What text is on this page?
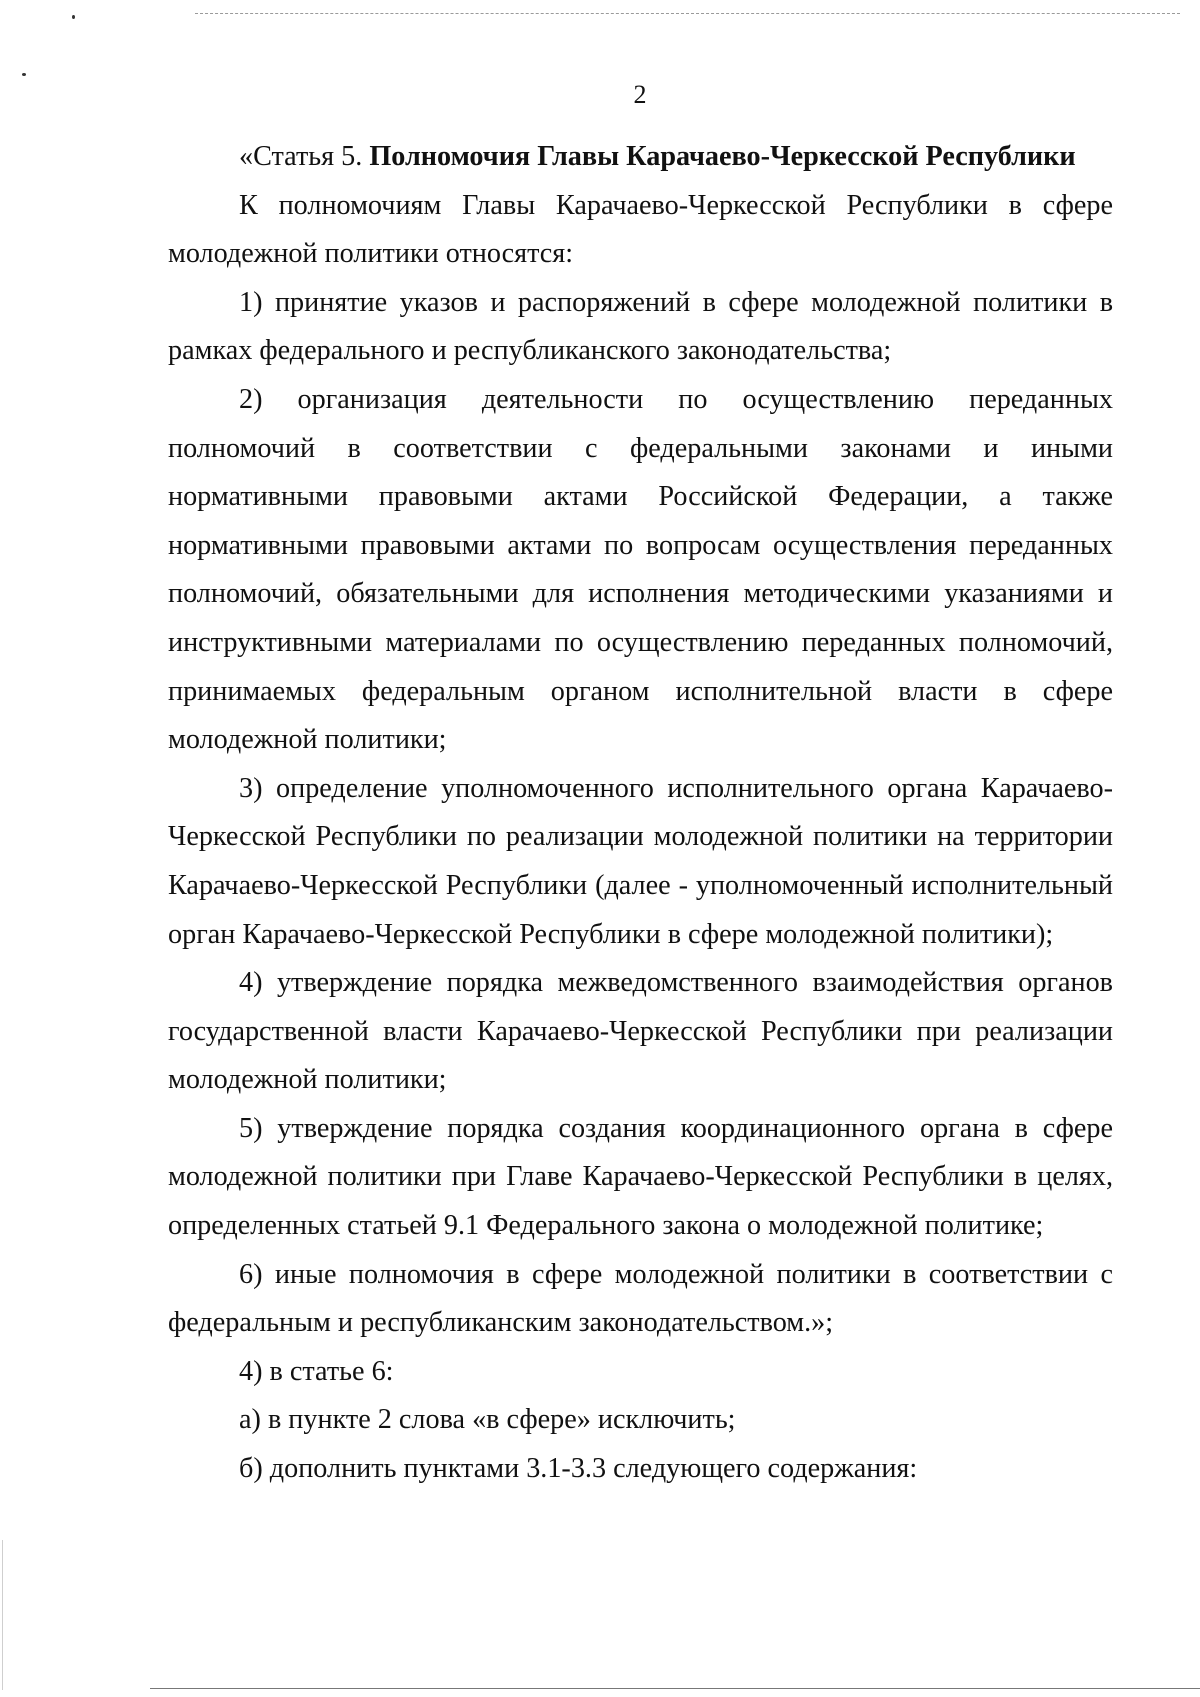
2

«Статья 5. Полномочия Главы Карачаево-Черкесской Республики

К полномочиям Главы Карачаево-Черкесской Республики в сфере молодежной политики относятся:

1) принятие указов и распоряжений в сфере молодежной политики в рамках федерального и республиканского законодательства;

2) организация деятельности по осуществлению переданных полномочий в соответствии с федеральными законами и иными нормативными правовыми актами Российской Федерации, а также нормативными правовыми актами по вопросам осуществления переданных полномочий, обязательными для исполнения методическими указаниями и инструктивными материалами по осуществлению переданных полномочий, принимаемых федеральным органом исполнительной власти в сфере молодежной политики;

3) определение уполномоченного исполнительного органа Карачаево-Черкесской Республики по реализации молодежной политики на территории Карачаево-Черкесской Республики (далее - уполномоченный исполнительный орган Карачаево-Черкесской Республики в сфере молодежной политики);

4) утверждение порядка межведомственного взаимодействия органов государственной власти Карачаево-Черкесской Республики при реализации молодежной политики;

5) утверждение порядка создания координационного органа в сфере молодежной политики при Главе Карачаево-Черкесской Республики в целях, определенных статьей 9.1 Федерального закона о молодежной политике;

6) иные полномочия в сфере молодежной политики в соответствии с федеральным и республиканским законодательством.»;

4) в статье 6:

а) в пункте 2 слова «в сфере» исключить;

б) дополнить пунктами 3.1-3.3 следующего содержания:
